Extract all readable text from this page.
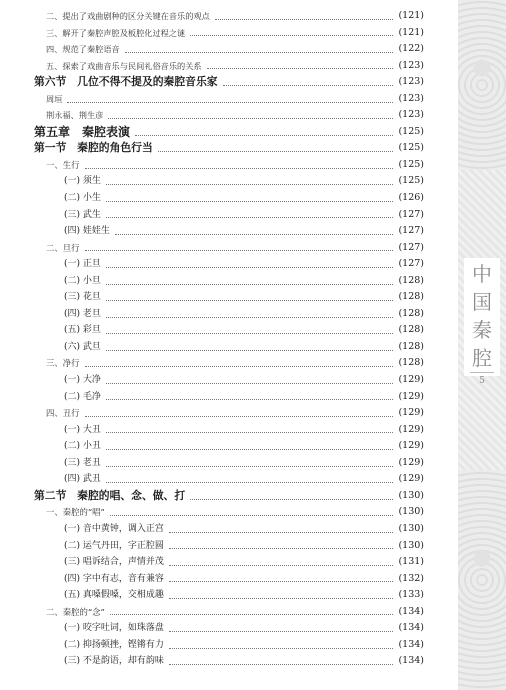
中
国
秦
腔
5
二、提出了戏曲剧种的区分关键在音乐的观点	(121)
三、解开了秦腔声腔及板腔化过程之谜	(121)
四、规范了秦腔语音	(122)
五、探索了戏曲音乐与民间礼俗音乐的关系	(123)
第六节　几位不得不提及的秦腔音乐家	(123)
周垣	(123)
荆永福、荆生彦	(123)
第五章　秦腔表演	(125)
第一节　秦腔的角色行当	(125)
一、生行	(125)
(一) 须生	(125)
(二) 小生	(126)
(三) 武生	(127)
(四) 娃娃生	(127)
二、旦行	(127)
(一) 正旦	(127)
(二) 小旦	(128)
(三) 花旦	(128)
(四) 老旦	(128)
(五) 彩旦	(128)
(六) 武旦	(128)
三、净行	(128)
(一) 大净	(129)
(二) 毛净	(129)
四、丑行	(129)
(一) 大丑	(129)
(二) 小丑	(129)
(三) 老丑	(129)
(四) 武丑	(129)
第二节　秦腔的唱、念、做、打	(130)
一、秦腔的“唱”	(130)
(一) 音中黄钟，调入正宫	(130)
(二) 运气丹田，字正腔圆	(130)
(三) 唱诉结合，声情并茂	(131)
(四) 字中有志，音有兼容	(132)
(五) 真嗓假嗓，交相成趣	(133)
二、秦腔的“念”	(134)
(一) 咬字吐词，如珠落盘	(134)
(二) 抑扬顿挫，铿锵有力	(134)
(三) 不是韵语，却有韵味	(134)
